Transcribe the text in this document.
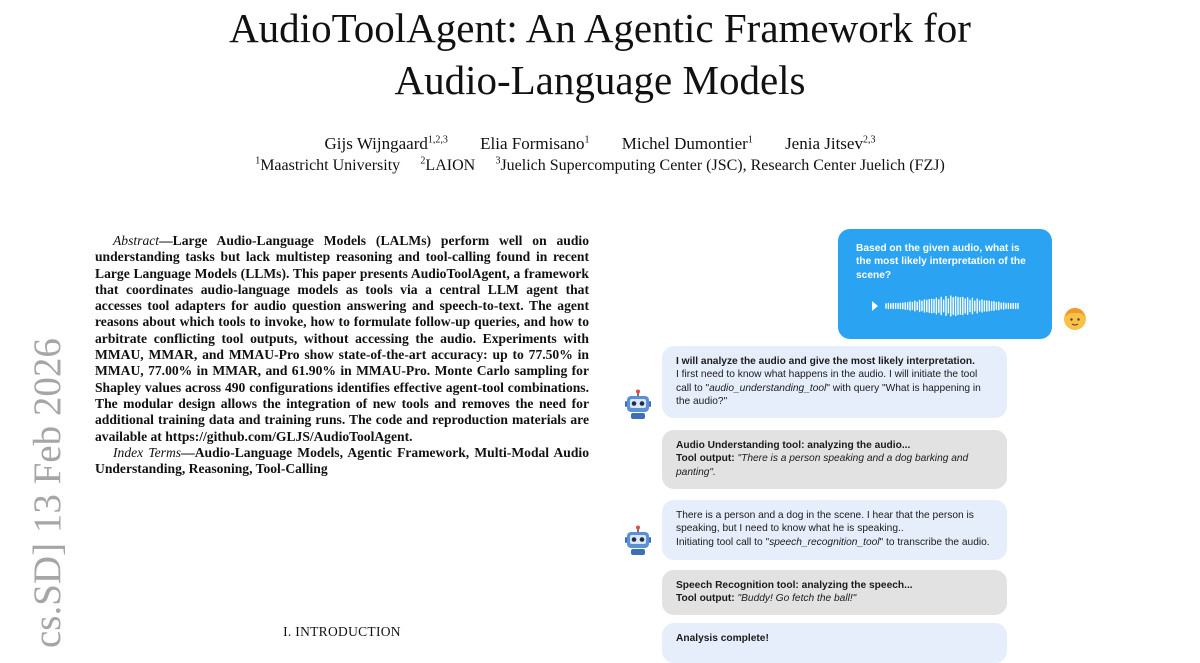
AudioToolAgent: An Agentic Framework for
Audio-Language Models
Gijs Wijngaard$^{1,2,3}$ Elia Formisano$^1$ Michel Dumontier$^1$ Jenia Jitsev$^{2,3}$
$^1$Maastricht University $^2$LAION $^3$Juelich Supercomputing Center (JSC), Research Center Juelich (FZJ)
cs.SD] 13 Feb 2026

Abstract—Large Audio-Language Models (LALMs) perform well on audio understanding tasks but lack multistep reasoning and tool-calling found in recent Large Language Models (LLMs). This paper presents AudioToolAgent, a framework that coordinates audio-language models as tools via a central LLM agent that accesses tool adapters for audio question answering and speech-to-text. The agent reasons about which tools to invoke, how to formulate follow-up queries, and how to arbitrate conflicting tool outputs, without accessing the audio. Experiments with MMAU, MMAR, and MMAU-Pro show state-of-the-art accuracy: up to 77.50% in MMAU, 77.00% in MMAR, and 61.90% in MMAU-Pro. Monte Carlo sampling for Shapley values across 490 configurations identifies effective agent-tool combinations. The modular design allows the integration of new tools and removes the need for additional training data and training runs. The code and reproduction materials are available at https://github.com/GLJS/AudioToolAgent.

Index Terms—Audio-Language Models, Agentic Framework, Multi-Modal Audio Understanding, Reasoning, Tool-Calling

I. INTRODUCTION
Based on the given audio, what is the most likely interpretation of the scene?
I will analyze the audio and give the most likely interpretation.
I first need to know what happens in the audio. I will initiate the tool call to "audio_understanding_tool" with query "What is happening in the audio?"
Audio Understanding tool: analyzing the audio...
Tool output: "There is a person speaking and a dog barking and panting".
There is a person and a dog in the scene. I hear that the person is speaking, but I need to know what he is speaking..
Initiating tool call to "speech_recognition_tool" to transcribe the audio.
Speech Recognition tool: analyzing the speech...
Tool output: "Buddy! Go fetch the ball!"
Analysis complete!
